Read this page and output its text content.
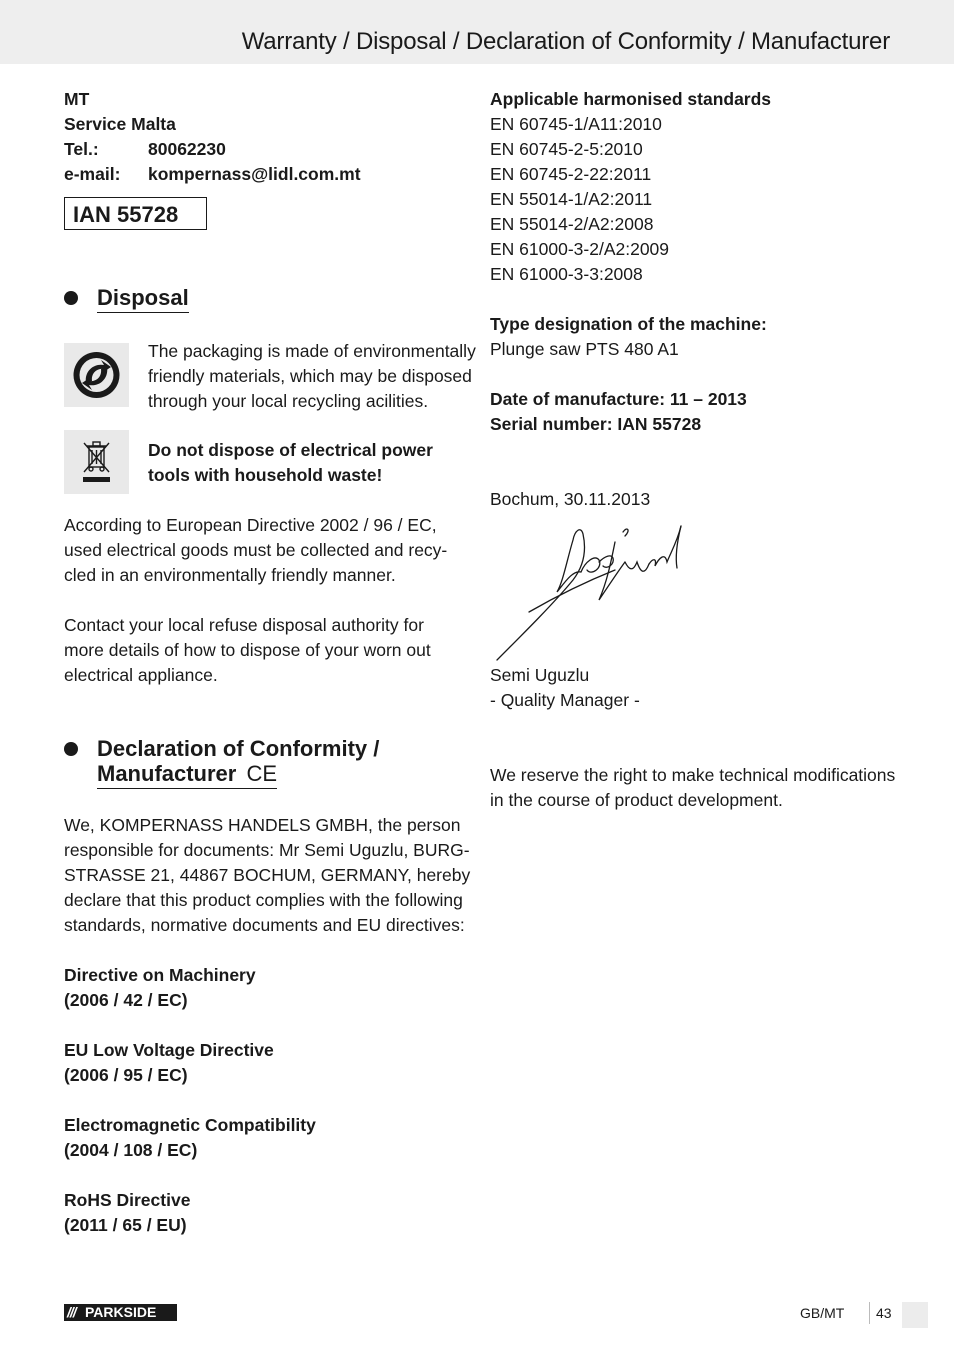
Warranty / Disposal / Declaration of Conformity / Manufacturer
MT
Service Malta
Tel.:	80062230
e-mail:	kompernass@lidl.com.mt
IAN 55728
Disposal
The packaging is made of environmentally
friendly materials, which may be disposed
through your local recycling acilities.
Do not dispose of electrical power
tools with household waste!
According to European Directive 2002 / 96 / EC,
used electrical goods must be collected and recy-
cled in an environmentally friendly manner.
Contact your local refuse disposal authority for
more details of how to dispose of your worn out
electrical appliance.
Declaration of Conformity /
Manufacturer CE
We, KOMPERNASS HANDELS GMBH, the person
responsible for documents: Mr Semi Uguzlu, BURG-
STRASSE 21, 44867 BOCHUM, GERMANY, hereby
declare that this product complies with the following
standards, normative documents and EU directives:
Directive on Machinery
(2006 / 42 / EC)
EU Low Voltage Directive
(2006 / 95 / EC)
Electromagnetic Compatibility
(2004 / 108 / EC)
RoHS Directive
(2011 / 65 / EU)
Applicable harmonised standards
EN 60745-1/A11:2010
EN 60745-2-5:2010
EN 60745-2-22:2011
EN 55014-1/A2:2011
EN 55014-2/A2:2008
EN 61000-3-2/A2:2009
EN 61000-3-3:2008
Type designation of the machine:
Plunge saw PTS 480 A1
Date of manufacture: 11 – 2013
Serial number: IAN 55728
Bochum, 30.11.2013
Semi Uguzlu
- Quality Manager -
We reserve the right to make technical modifications
in the course of product development.
/// PARKSIDE	GB/MT 43
